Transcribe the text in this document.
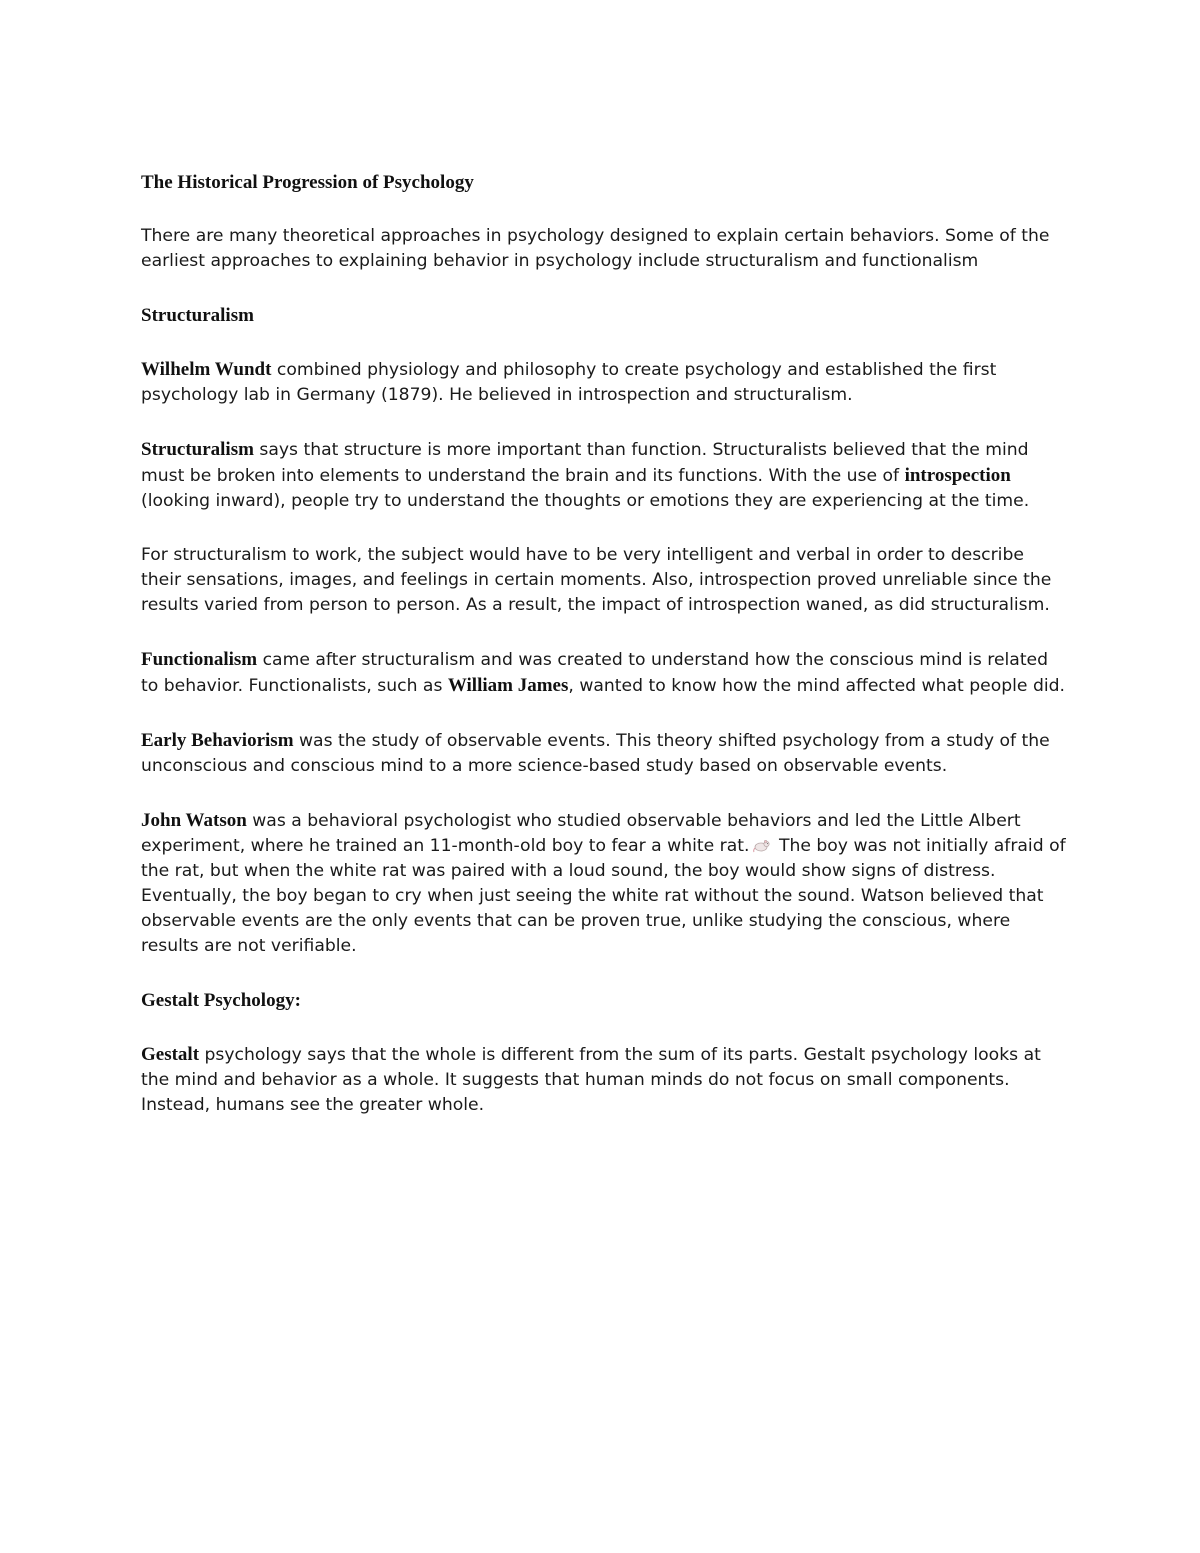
The Historical Progression of Psychology

There are many theoretical approaches in psychology designed to explain certain behaviors. Some of the earliest approaches to explaining behavior in psychology include structuralism and functionalism

Structuralism

Wilhelm Wundt combined physiology and philosophy to create psychology and established the first psychology lab in Germany (1879). He believed in introspection and structuralism.

Structuralism says that structure is more important than function. Structuralists believed that the mind must be broken into elements to understand the brain and its functions. With the use of introspection (looking inward), people try to understand the thoughts or emotions they are experiencing at the time.

For structuralism to work, the subject would have to be very intelligent and verbal in order to describe their sensations, images, and feelings in certain moments. Also, introspection proved unreliable since the results varied from person to person. As a result, the impact of introspection waned, as did structuralism.

Functionalism came after structuralism and was created to understand how the conscious mind is related to behavior. Functionalists, such as William James, wanted to know how the mind affected what people did.

Early Behaviorism was the study of observable events. This theory shifted psychology from a study of the unconscious and conscious mind to a more science-based study based on observable events.

John Watson was a behavioral psychologist who studied observable behaviors and led the Little Albert experiment, where he trained an 11-month-old boy to fear a white rat. The boy was not initially afraid of the rat, but when the white rat was paired with a loud sound, the boy would show signs of distress. Eventually, the boy began to cry when just seeing the white rat without the sound. Watson believed that observable events are the only events that can be proven true, unlike studying the conscious, where results are not verifiable.

Gestalt Psychology:

Gestalt psychology says that the whole is different from the sum of its parts. Gestalt psychology looks at the mind and behavior as a whole. It suggests that human minds do not focus on small components. Instead, humans see the greater whole.
